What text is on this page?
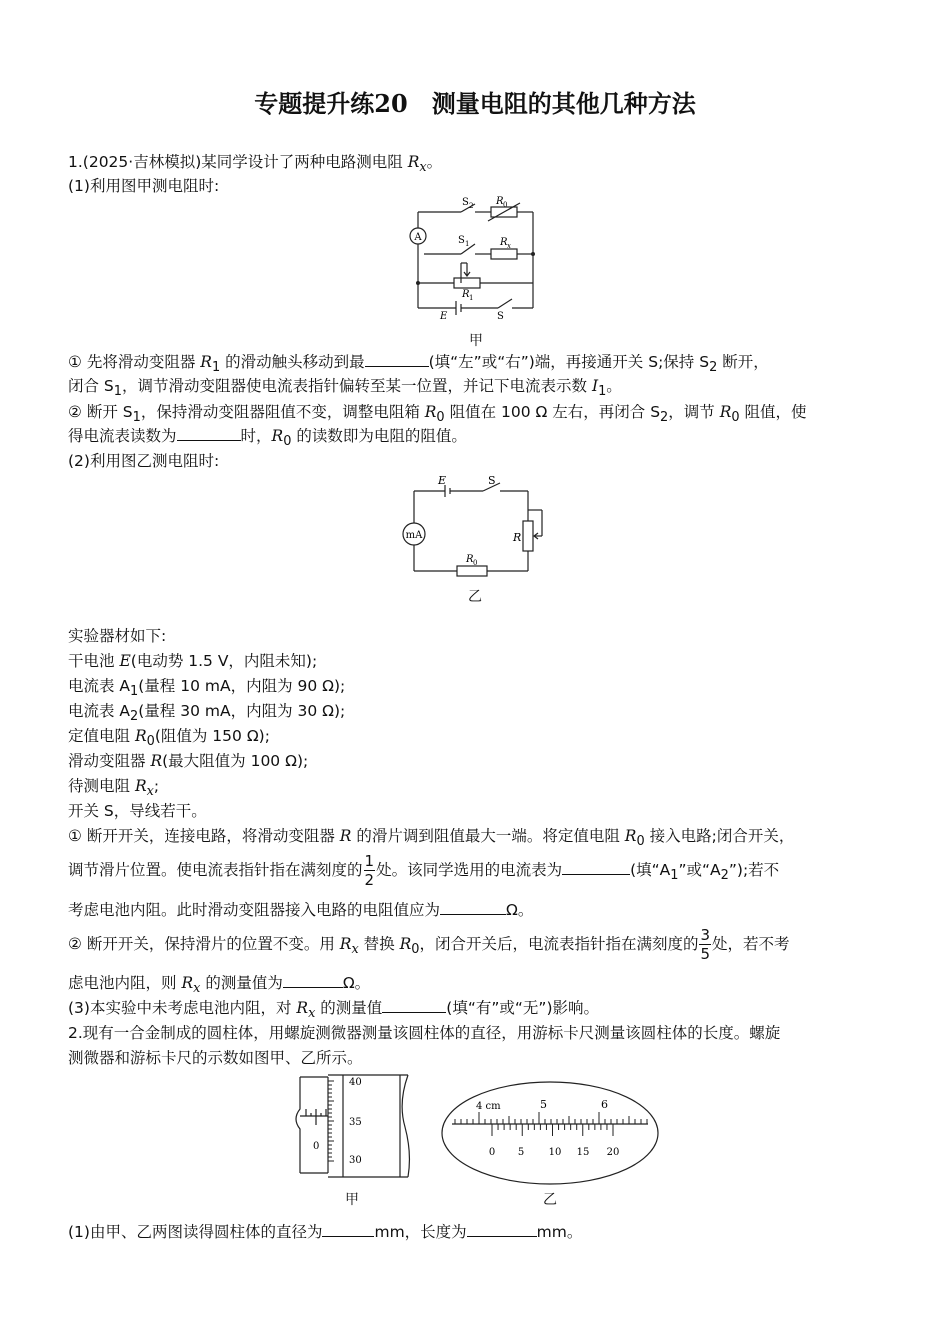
专题提升练20　测量电阻的其他几种方法
1.(2025·吉林模拟)某同学设计了两种电路测电阻 $R_x$。
(1)利用图甲测电阻时:
A
S 2 R 0
S 1	R x
R 1
E	S
甲
① 先将滑动变阻器 $R_1$ 的滑动触头移动到最	(填“左”或“右”)端，再接通开关 S;保持 $S_2$ 断开，
闭合 $S_1$，调节滑动变阻器使电流表指针偏转至某一位置，并记下电流表示数 $I_1$。
② 断开 $S_1$，保持滑动变阻器阻值不变，调整电阻箱 $R_0$ 阻值在 100 Ω 左右，再闭合 $S_2$，调节 $R_0$ 阻值，使
得电流表读数为	时，$R_0$ 的读数即为电阻的阻值。
(2)利用图乙测电阻时:
mA
E	S
R
R 0
乙
实验器材如下:
干电池 E(电动势 1.5 V，内阻未知);
电流表 $A_1$(量程 10 mA，内阻为 90 Ω);
电流表 $A_2$(量程 30 mA，内阻为 30 Ω);
定值电阻 $R_0$(阻值为 150 Ω);
滑动变阻器 R(最大阻值为 100 Ω);
待测电阻 $R_x$;
开关 S，导线若干。
① 断开开关，连接电路，将滑动变阻器 R 的滑片调到阻值最大一端。将定值电阻 $R_0$ 接入电路;闭合开关，
调节滑片位置。使电流表指针指在满刻度的 $\frac{1}{2}$ 处。该同学选用的电流表为	(填“$A_1$”或“$A_2$”);若不
考虑电池内阻。此时滑动变阻器接入电路的电阻值应为	Ω。
② 断开开关，保持滑片的位置不变。用 $R_x$ 替换 $R_0$，闭合开关后，电流表指针指在满刻度的 $\frac{3}{5}$ 处，若不考
虑电池内阻，则 $R_x$ 的测量值为	Ω。
(3)本实验中未考虑电池内阻，对 $R_x$ 的测量值	(填“有”或“无”)影响。
2.现有一合金制成的圆柱体，用螺旋测微器测量该圆柱体的直径，用游标卡尺测量该圆柱体的长度。螺旋
测微器和游标卡尺的示数如图甲、乙所示。
40
35
30
0
甲
4 cm	5	6
0 5 10 15 20
乙
(1)由甲、乙两图读得圆柱体的直径为	mm，长度为	mm。
